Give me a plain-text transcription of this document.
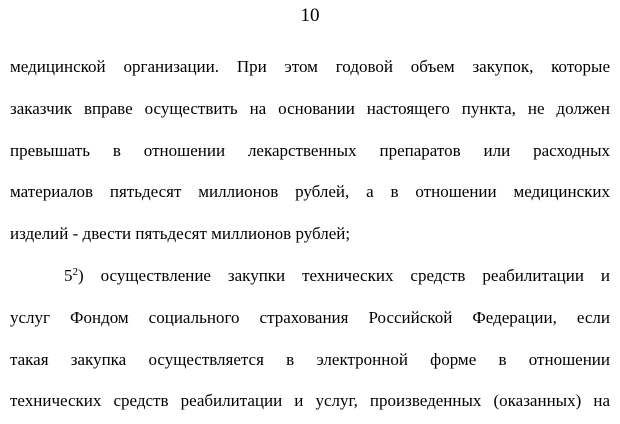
10
медицинской организации. При этом годовой объем закупок, которые
заказчик вправе осуществить на основании настоящего пункта, не должен
превышать в отношении лекарственных препаратов или расходных
материалов пятьдесят миллионов рублей, а в отношении медицинских
изделий - двести пятьдесят миллионов рублей;
$5^2$) осуществление закупки технических средств реабилитации и
услуг Фондом социального страхования Российской Федерации, если
такая закупка осуществляется в электронной форме в отношении
технических средств реабилитации и услуг, произведенных (оказанных) на
